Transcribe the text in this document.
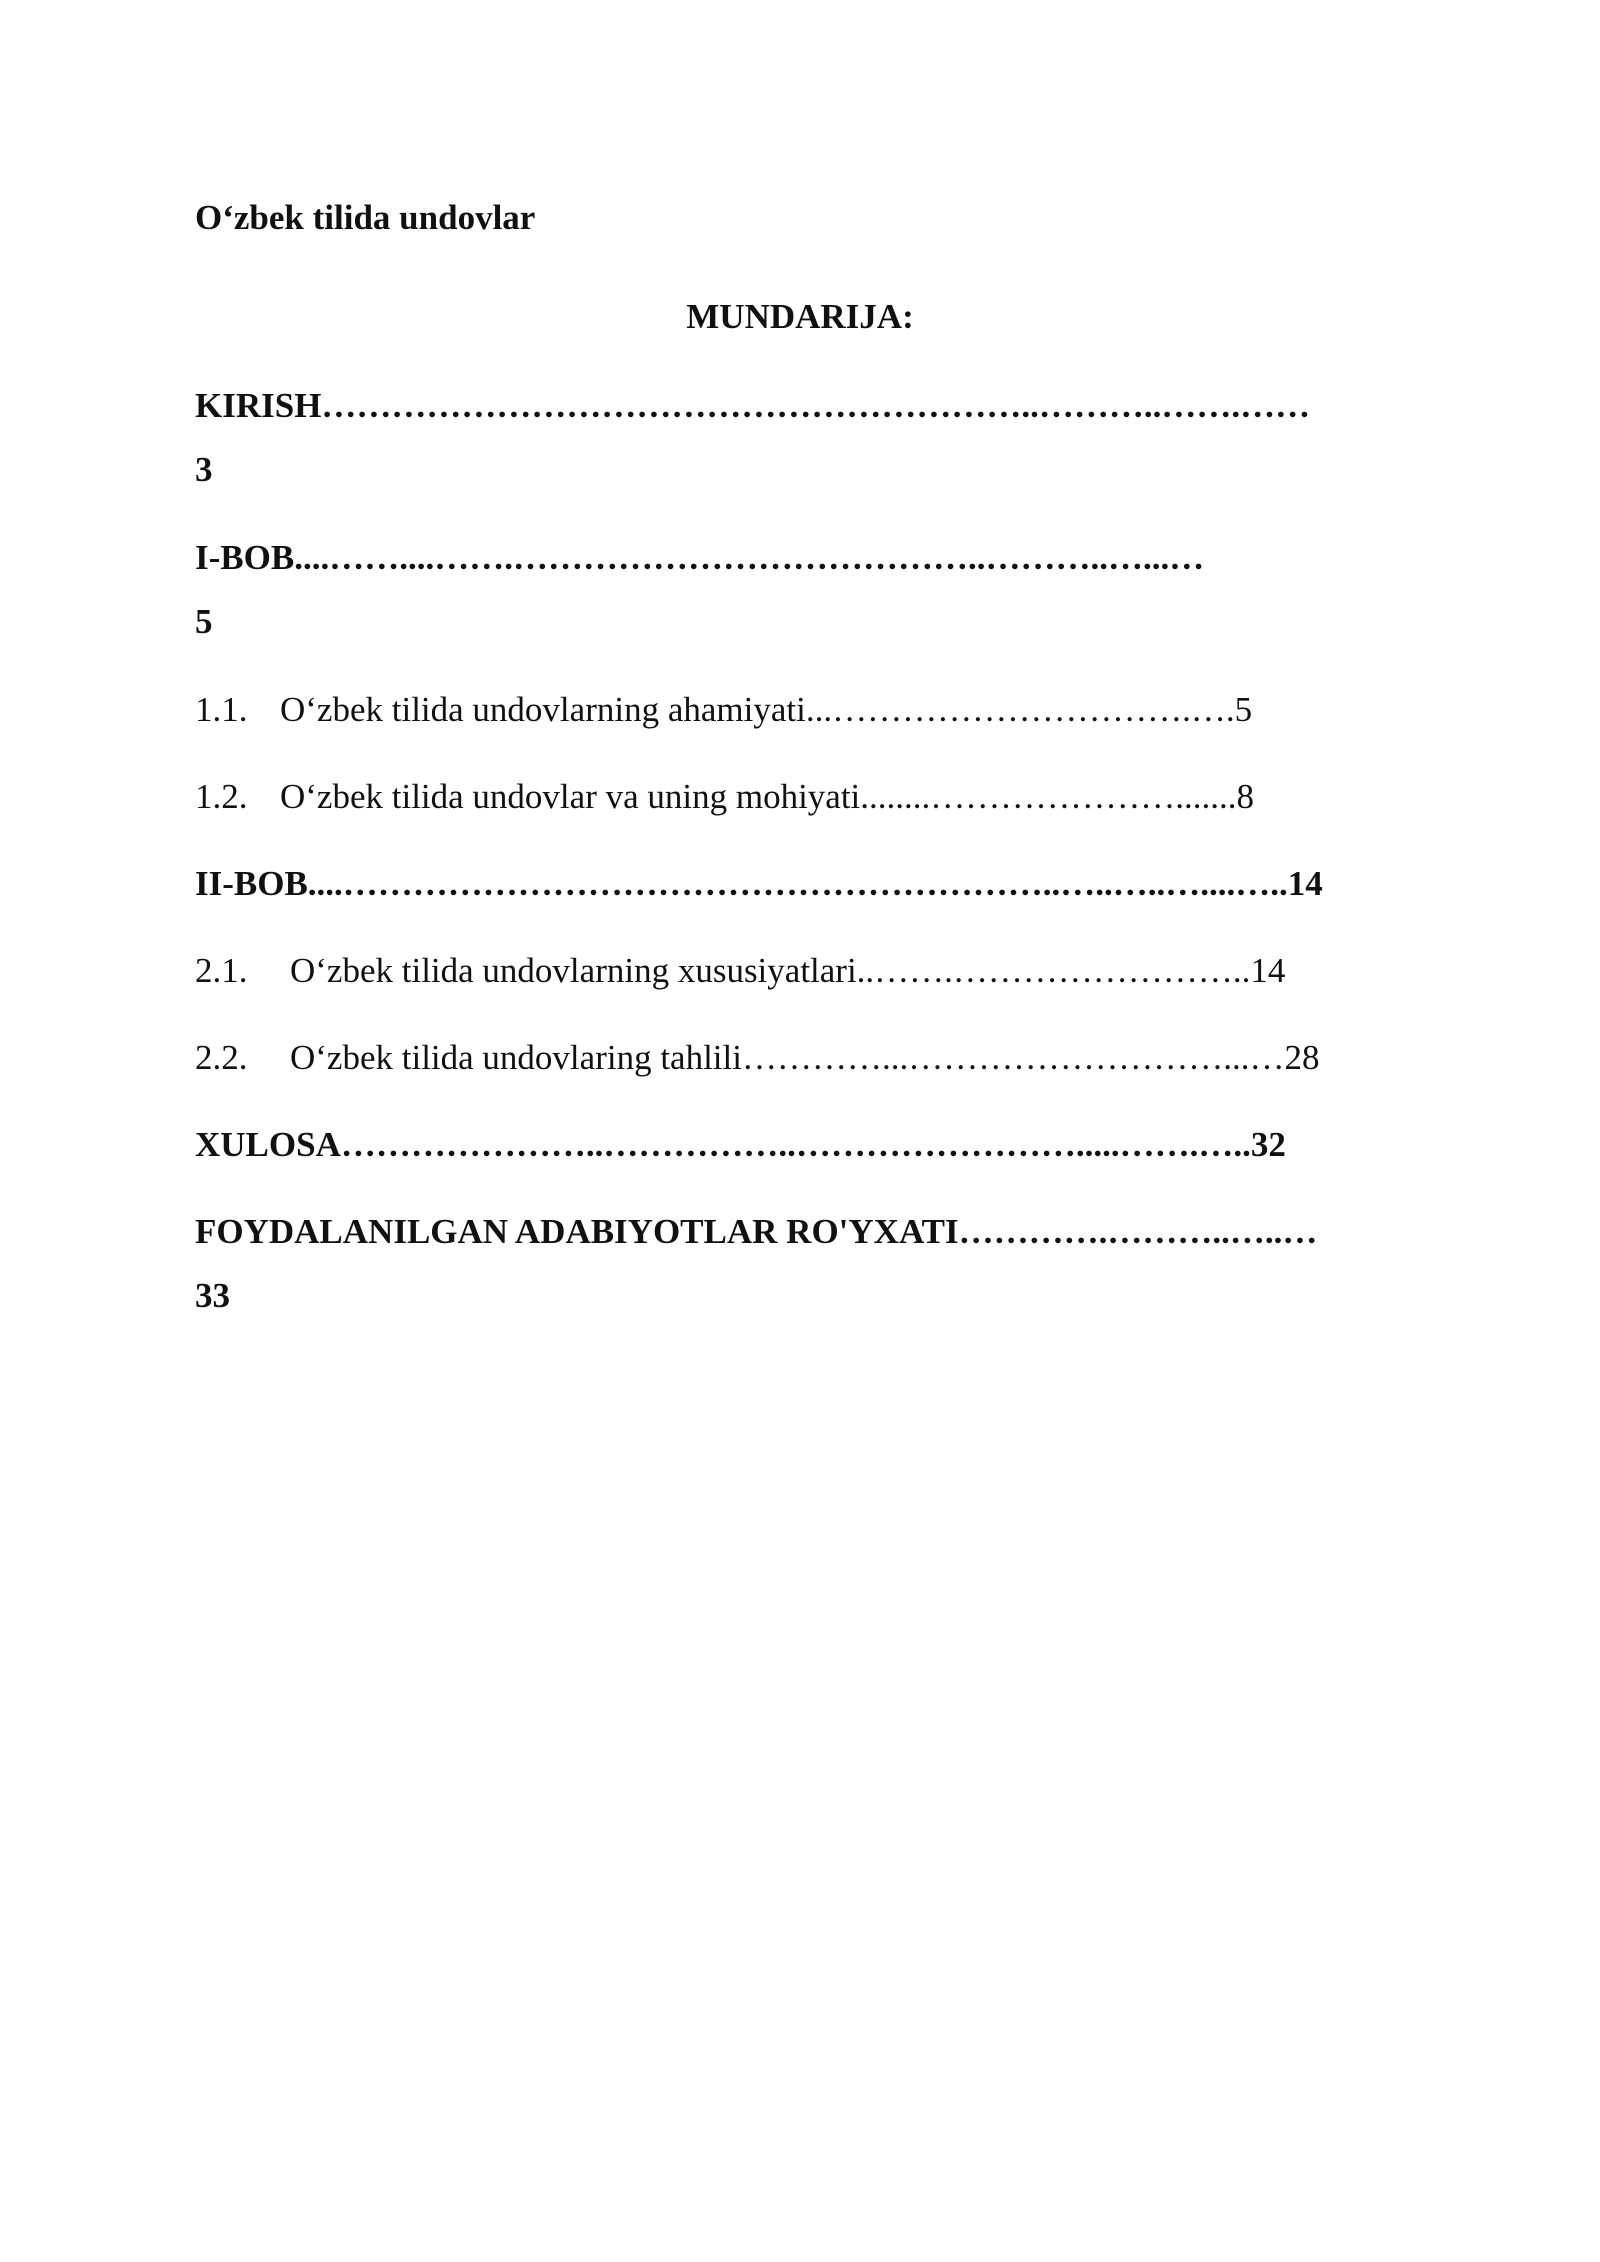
O‘zbek tilida undovlar
MUNDARIJA:
KIRISH……………………………………………………..………..…….……
3
I-BOB....……....…….…………………………………..………..…...…
5
1.1. O‘zbek tilida undovlarning ahamiyati...………………………….….5
1.2. O‘zbek tilida undovlar va uning mohiyati........………………….......8
II-BOB....……………………………………………………..…..…..…....…..14
2.1. O‘zbek tilida undovlarning xususiyatlari..…….……………………..14
2.2. O‘zbek tilida undovlaring tahlili…………...………………………...…28
XULOSA…………………..……………..…………………….....…….…..32
FOYDALANILGAN ADABIYOTLAR RO'YXATI………….………..…..…
33
